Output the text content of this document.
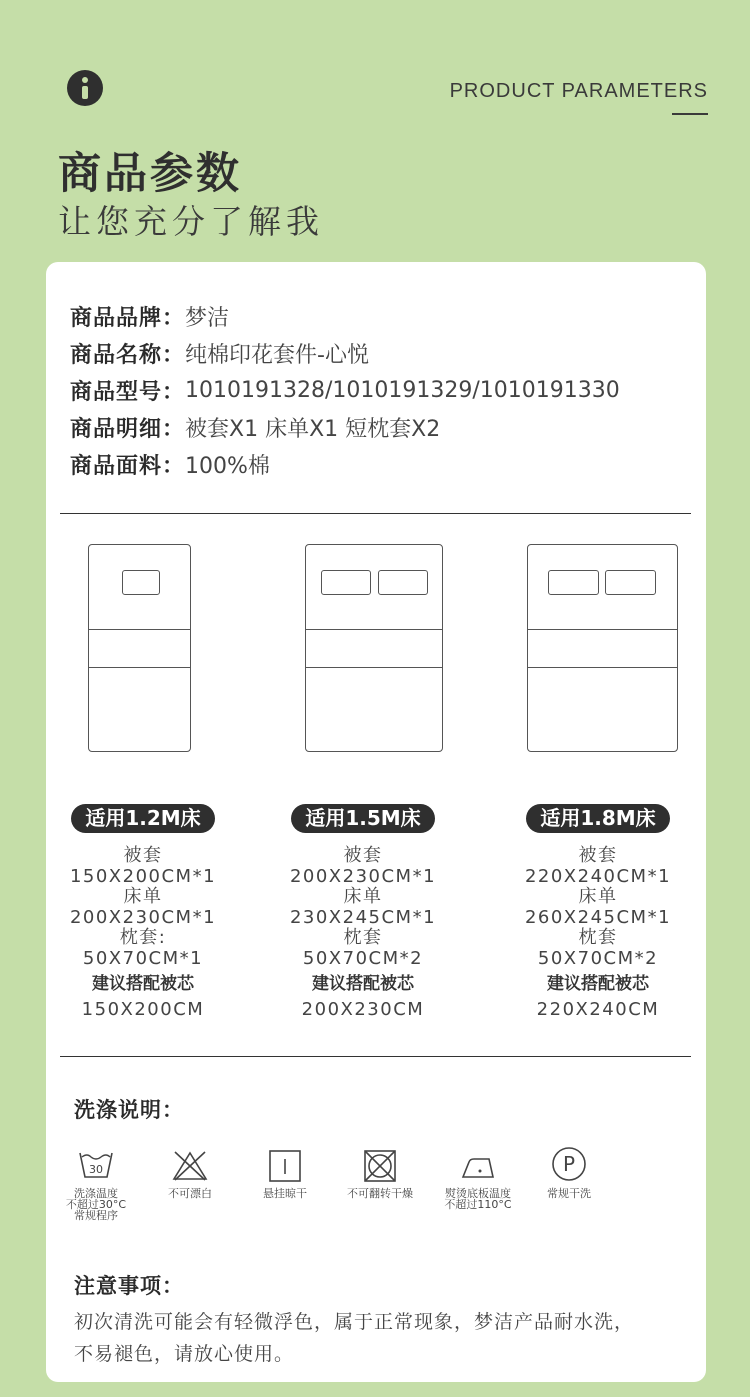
PRODUCT PARAMETERS
商品参数
让您充分了解我
商品品牌： 梦洁
商品名称： 纯棉印花套件-心悦
商品型号： 1010191328/1010191329/1010191330
商品明细： 被套X1 床单X1 短枕套X2
商品面料： 100%棉
适用1.2M床
被套
150X200CM*1
床单
200X230CM*1
枕套:
50X70CM*1
建议搭配被芯
150X200CM
适用1.5M床
被套
200X230CM*1
床单
230X245CM*1
枕套
50X70CM*2
建议搭配被芯
200X230CM
适用1.8M床
被套
220X240CM*1
床单
260X245CM*1
枕套
50X70CM*2
建议搭配被芯
220X240CM
洗涤说明：
30
洗涤温度
不超过30°C
常规程序
不可漂白	悬挂晾干	不可翻转干燥	熨烫底板温度
不超过110°C
P
常规干洗
注意事项：
初次清洗可能会有轻微浮色，属于正常现象，梦洁产品耐水洗，不易褪色，请放心使用。
